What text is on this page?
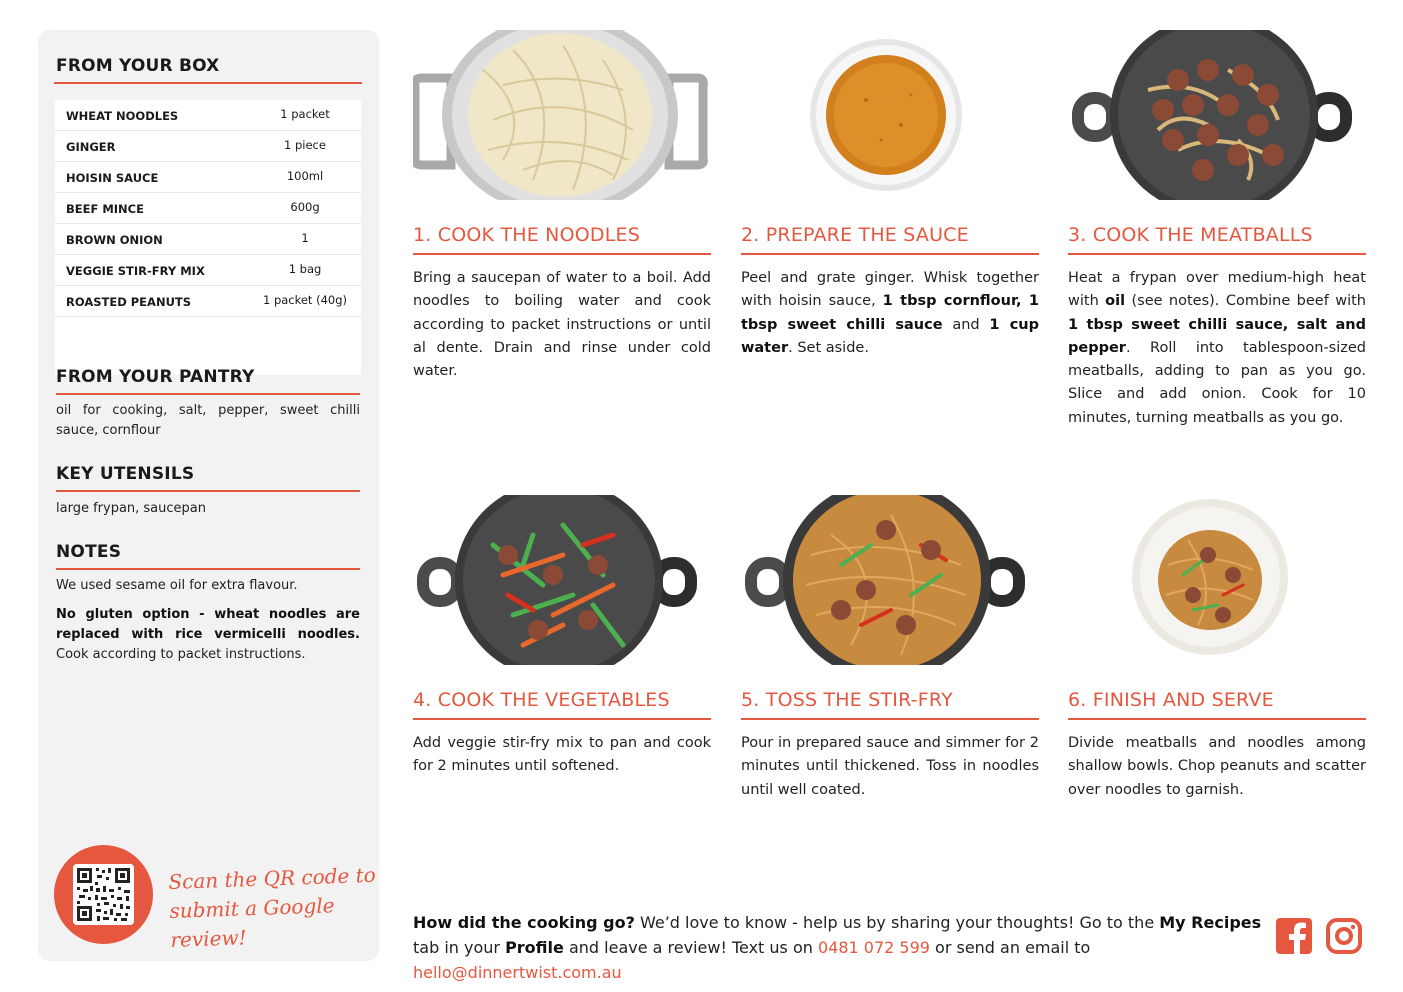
FROM YOUR BOX
WHEAT NOODLES	1 packet
GINGER	1 piece
HOISIN SAUCE	100ml
BEEF MINCE	600g
BROWN ONION	1
VEGGIE STIR-FRY MIX	1 bag
ROASTED PEANUTS	1 packet (40g)
FROM YOUR PANTRY
oil for cooking, salt, pepper, sweet chilli sauce, cornflour
KEY UTENSILS
large frypan, saucepan
NOTES
We used sesame oil for extra flavour.
No gluten option - wheat noodles are replaced with rice vermicelli noodles. Cook according to packet instructions.
Scan the QR code to
submit a Google review!
1. COOK THE NOODLES
Bring a saucepan of water to a boil. Add noodles to boiling water and cook according to packet instructions or until al dente. Drain and rinse under cold water.
2. PREPARE THE SAUCE
Peel and grate ginger. Whisk together with hoisin sauce, 1 tbsp cornflour, 1 tbsp sweet chilli sauce and 1 cup water. Set aside.
3. COOK THE MEATBALLS
Heat a frypan over medium-high heat with oil (see notes). Combine beef with 1 tbsp sweet chilli sauce, salt and pepper. Roll into tablespoon-sized meatballs, adding to pan as you go. Slice and add onion. Cook for 10 minutes, turning meatballs as you go.
4. COOK THE VEGETABLES
Add veggie stir-fry mix to pan and cook for 2 minutes until softened.
5. TOSS THE STIR-FRY
Pour in prepared sauce and simmer for 2 minutes until thickened. Toss in noodles until well coated.
6. FINISH AND SERVE
Divide meatballs and noodles among shallow bowls. Chop peanuts and scatter over noodles to garnish.
How did the cooking go? We’d love to know - help us by sharing your thoughts! Go to the My Recipes tab in your Profile and leave a review! Text us on 0481 072 599 or send an email to hello@dinnertwist.com.au
